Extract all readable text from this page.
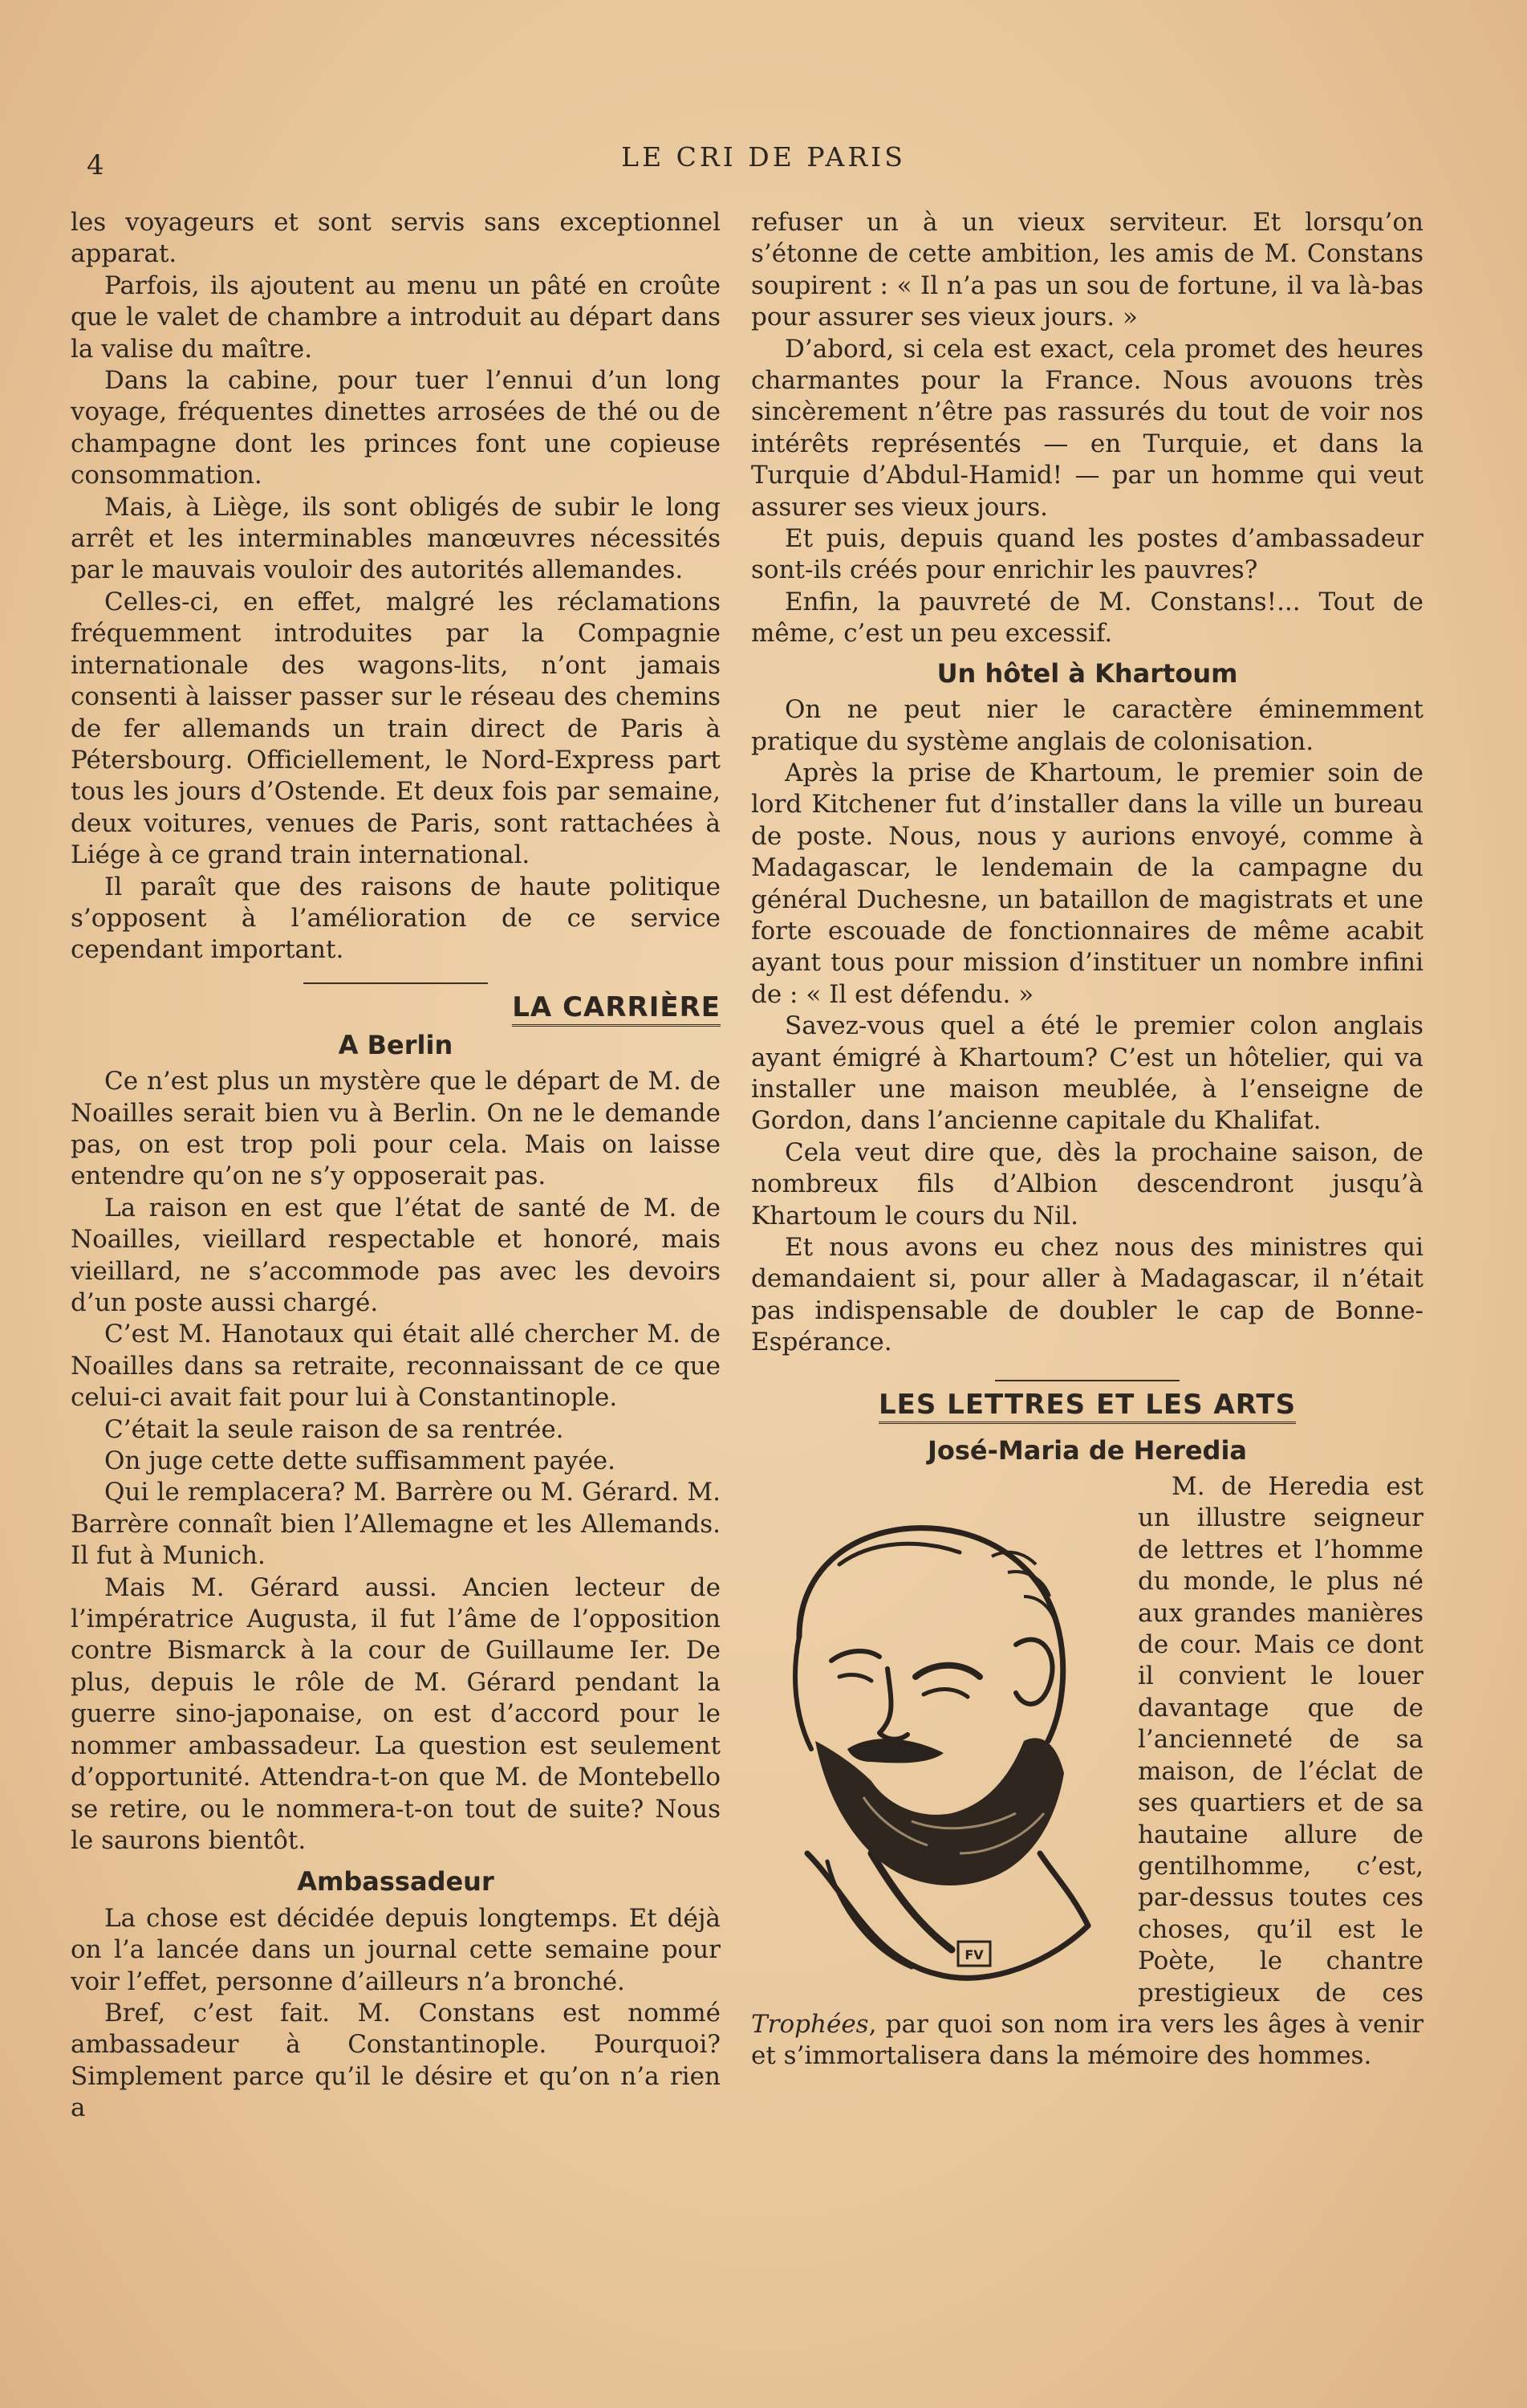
4	LE CRI DE PARIS

les voyageurs et sont servis sans exceptionnel apparat.

Parfois, ils ajoutent au menu un pâté en croûte que le valet de chambre a introduit au départ dans la valise du maître.

Dans la cabine, pour tuer l’ennui d’un long voyage, fréquentes dinettes arrosées de thé ou de champagne dont les princes font une copieuse consommation.

Mais, à Liège, ils sont obligés de subir le long arrêt et les interminables manœuvres nécessités par le mauvais vouloir des autorités allemandes.

Celles-ci, en effet, malgré les réclamations fréquemment introduites par la Compagnie internationale des wagons-lits, n’ont jamais consenti à laisser passer sur le réseau des chemins de fer allemands un train direct de Paris à Pétersbourg. Officiellement, le Nord-Express part tous les jours d’Ostende. Et deux fois par semaine, deux voitures, venues de Paris, sont rattachées à Liége à ce grand train international.

Il paraît que des raisons de haute politique s’opposent à l’amélioration de ce service cependant important.

LA CARRIÈRE
A Berlin

Ce n’est plus un mystère que le départ de M. de Noailles serait bien vu à Berlin. On ne le demande pas, on est trop poli pour cela. Mais on laisse entendre qu’on ne s’y opposerait pas.

La raison en est que l’état de santé de M. de Noailles, vieillard respectable et honoré, mais vieillard, ne s’accommode pas avec les devoirs d’un poste aussi chargé.

C’est M. Hanotaux qui était allé chercher M. de Noailles dans sa retraite, reconnaissant de ce que celui-ci avait fait pour lui à Constantinople.

C’était la seule raison de sa rentrée.

On juge cette dette suffisamment payée.

Qui le remplacera? M. Barrère ou M. Gérard. M. Barrère connaît bien l’Allemagne et les Allemands. Il fut à Munich.

Mais M. Gérard aussi. Ancien lecteur de l’impératrice Augusta, il fut l’âme de l’opposition contre Bismarck à la cour de Guillaume Ier. De plus, depuis le rôle de M. Gérard pendant la guerre sino-japonaise, on est d’accord pour le nommer ambassadeur. La question est seulement d’opportunité. Attendra-t-on que M. de Montebello se retire, ou le nommera-t-on tout de suite? Nous le saurons bientôt.

Ambassadeur

La chose est décidée depuis longtemps. Et déjà on l’a lancée dans un journal cette semaine pour voir l’effet, personne d’ailleurs n’a bronché.

Bref, c’est fait. M. Constans est nommé ambassadeur à Constantinople. Pourquoi? Simplement parce qu’il le désire et qu’on n’a rien a

refuser un à un vieux serviteur. Et lorsqu’on s’étonne de cette ambition, les amis de M. Constans soupirent : « Il n’a pas un sou de fortune, il va là-bas pour assurer ses vieux jours. »

D’abord, si cela est exact, cela promet des heures charmantes pour la France. Nous avouons très sincèrement n’être pas rassurés du tout de voir nos intérêts représentés — en Turquie, et dans la Turquie d’Abdul-Hamid! — par un homme qui veut assurer ses vieux jours.

Et puis, depuis quand les postes d’ambassadeur sont-ils créés pour enrichir les pauvres?

Enfin, la pauvreté de M. Constans!... Tout de même, c’est un peu excessif.

Un hôtel à Khartoum

On ne peut nier le caractère éminemment pratique du système anglais de colonisation.

Après la prise de Khartoum, le premier soin de lord Kitchener fut d’installer dans la ville un bureau de poste. Nous, nous y aurions envoyé, comme à Madagascar, le lendemain de la campagne du général Duchesne, un bataillon de magistrats et une forte escouade de fonctionnaires de même acabit ayant tous pour mission d’instituer un nombre infini de : « Il est défendu. »

Savez-vous quel a été le premier colon anglais ayant émigré à Khartoum? C’est un hôtelier, qui va installer une maison meublée, à l’enseigne de Gordon, dans l’ancienne capitale du Khalifat.

Cela veut dire que, dès la prochaine saison, de nombreux fils d’Albion descendront jusqu’à Khartoum le cours du Nil.

Et nous avons eu chez nous des ministres qui demandaient si, pour aller à Madagascar, il n’était pas indispensable de doubler le cap de Bonne-Espérance.

LES LETTRES ET LES ARTS
José-Maria de Heredia
FV

M. de Heredia est un illustre seigneur de lettres et l’homme du monde, le plus né aux grandes manières de cour. Mais ce dont il convient le louer davantage que de l’ancienneté de sa maison, de l’éclat de ses quartiers et de sa hautaine allure de gentilhomme, c’est, par-dessus toutes ces choses, qu’il est le Poète, le chantre prestigieux de ces Trophées, par quoi son nom ira vers les âges à venir et s’immortalisera dans la mémoire des hommes.
